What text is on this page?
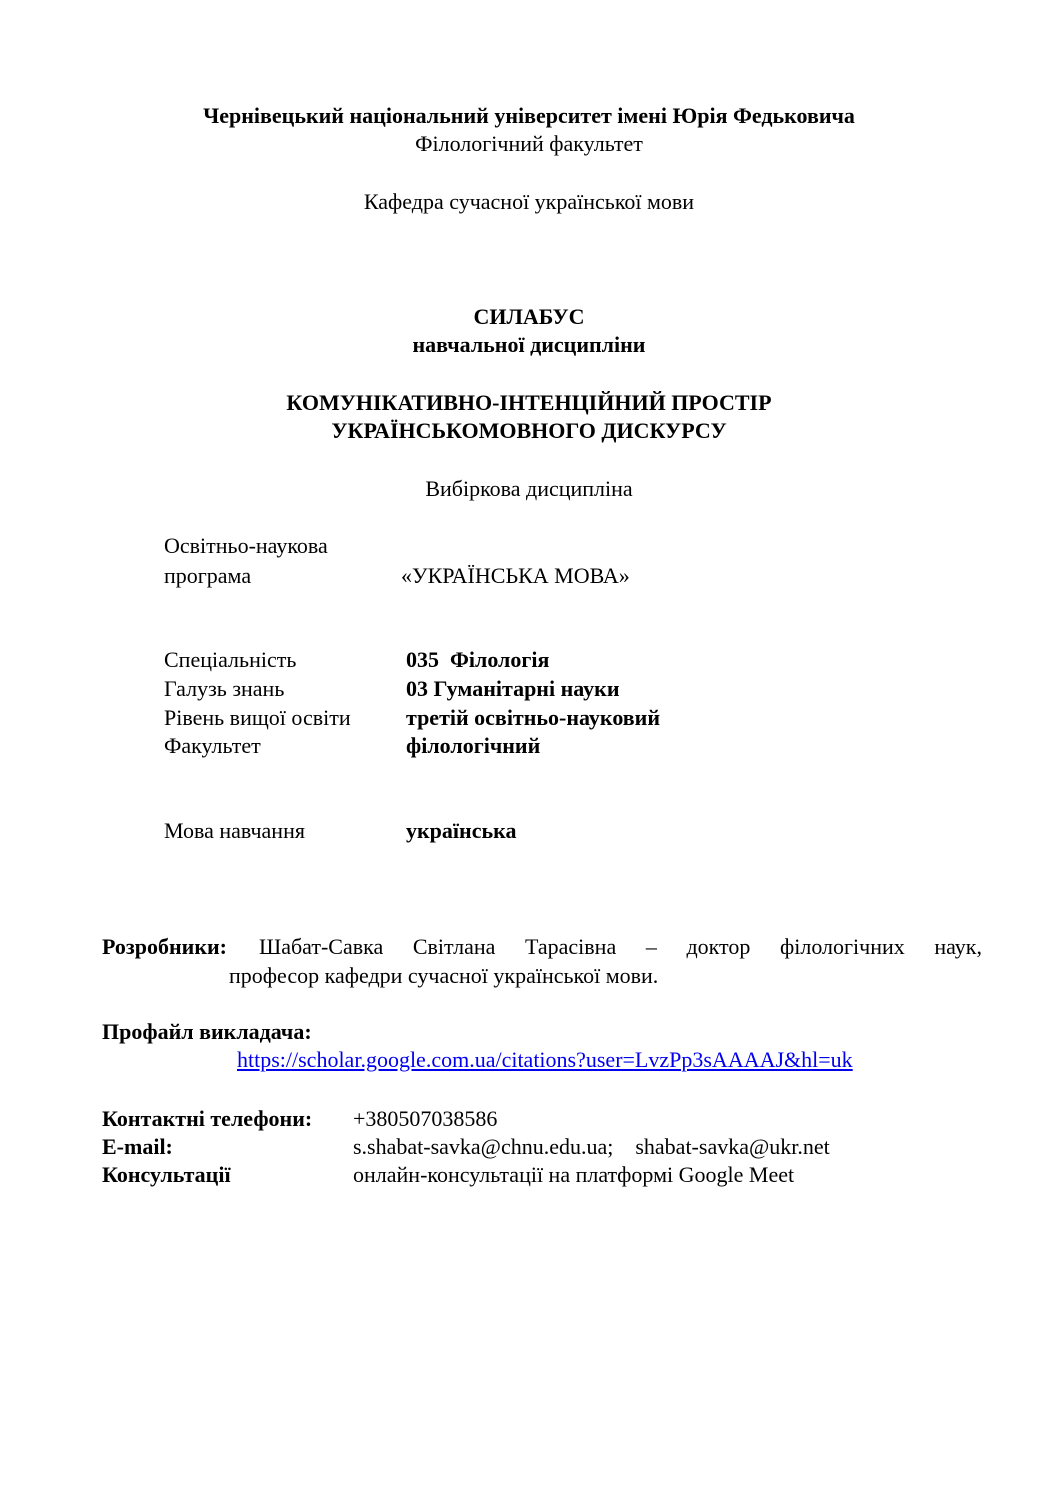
Чернівецький національний університет імені Юрія Федьковича
Філологічний факультет
Кафедра сучасної української мови
СИЛАБУС
навчальної дисципліни
КОМУНІКАТИВНО-ІНТЕНЦІЙНИЙ ПРОСТІР
УКРАЇНСЬКОМОВНОГО ДИСКУРСУ
Вибіркова дисципліна
Освітньо-наукова
програма	«УКРАЇНСЬКА МОВА»
Спеціальність	035  Філологія
Галузь знань	03 Гуманітарні науки
Рівень вищої освіти	третій освітньо-науковий
Факультет	філологічний
Мова навчання	українська
Розробники: Шабат-Савка Світлана Тарасівна – доктор філологічних наук,
професор кафедри сучасної української мови.
Профайл викладача:
https://scholar.google.com.ua/citations?user=LvzPp3sAAAAJ&hl=uk
Контактні телефони: +380507038586
E-mail:	s.shabat-savka@chnu.edu.ua;    shabat-savka@ukr.net
Консультації	онлайн-консультації на платформі Google Meet
